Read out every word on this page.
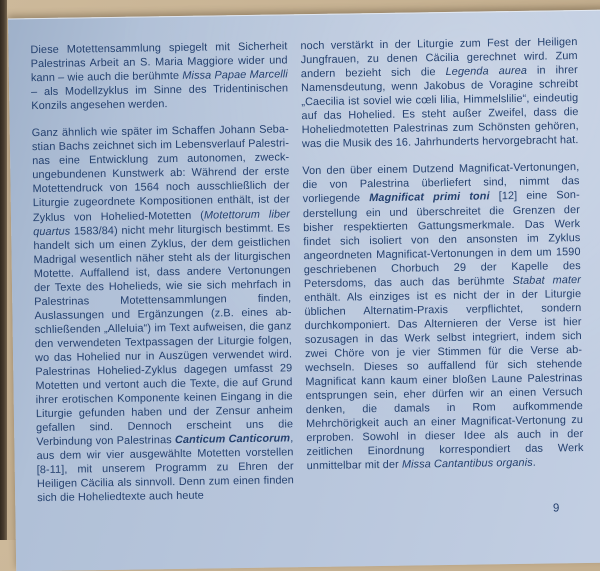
Diese Motettensammlung spiegelt mit Sicherheit Palestrinas Arbeit an S. Maria Maggiore wider und kann – wie auch die berühmte Missa Papae Marcelli – als Modellzyklus im Sinne des Tridentinischen Konzils angesehen werden.

Ganz ähnlich wie später im Schaffen Johann Sebastian Bachs zeichnet sich im Lebensverlauf Palestrinas eine Entwicklung zum autonomen, zweckungebundenen Kunstwerk ab: Während der erste Motettendruck von 1564 noch ausschließlich der Liturgie zugeordnete Kompositionen enthält, ist der Zyklus von Hohelied-Motetten (Motettorum liber quartus 1583/84) nicht mehr liturgisch bestimmt. Es handelt sich um einen Zyklus, der dem geistlichen Madrigal wesentlich näher steht als der liturgischen Motette. Auffallend ist, dass andere Vertonungen der Texte des Hohelieds, wie sie sich mehrfach in Palestrinas Motettensammlungen finden, Auslassungen und Ergänzungen (z.B. eines abschließenden „Alleluia“) im Text aufweisen, die ganz den verwendeten Textpassagen der Liturgie folgen, wo das Hohelied nur in Auszügen verwendet wird. Palestrinas Hohelied-Zyklus dagegen umfasst 29 Motetten und vertont auch die Texte, die auf Grund ihrer erotischen Komponente keinen Eingang in die Liturgie gefunden haben und der Zensur anheim gefallen sind. Dennoch erscheint uns die Verbindung von Palestrinas Canticum Canticorum, aus dem wir vier ausgewählte Motetten vorstellen [8-11], mit unserem Programm zu Ehren der Heiligen Cäcilia als sinnvoll. Denn zum einen finden sich die Hoheliedtexte auch heute

noch verstärkt in der Liturgie zum Fest der Heiligen Jungfrauen, zu denen Cäcilia gerechnet wird. Zum andern bezieht sich die Legenda aurea in ihrer Namensdeutung, wenn Jakobus de Voragine schreibt „Caecilia ist soviel wie cœli lilia, Himmelslilie“, eindeutig auf das Hohelied. Es steht außer Zweifel, dass die Hoheliedmotetten Palestrinas zum Schönsten gehören, was die Musik des 16. Jahrhunderts hervorgebracht hat.

Von den über einem Dutzend Magnificat-Vertonungen, die von Palestrina überliefert sind, nimmt das vorliegende Magnificat primi toni [12] eine Sonderstellung ein und überschreitet die Grenzen der bisher respektierten Gattungsmerkmale. Das Werk findet sich isoliert von den ansonsten im Zyklus angeordneten Magnificat-Vertonungen in dem um 1590 geschriebenen Chorbuch 29 der Kapelle des Petersdoms, das auch das berühmte Stabat mater enthält. Als einziges ist es nicht der in der Liturgie üblichen Alternatim-Praxis verpflichtet, sondern durchkomponiert. Das Alternieren der Verse ist hier sozusagen in das Werk selbst integriert, indem sich zwei Chöre von je vier Stimmen für die Verse abwechseln. Dieses so auffallend für sich stehende Magnificat kann kaum einer bloßen Laune Palestrinas entsprungen sein, eher dürfen wir an einen Versuch denken, die damals in Rom aufkommende Mehrchörigkeit auch an einer Magnificat-Vertonung zu erproben. Sowohl in dieser Idee als auch in der zeitlichen Einordnung korrespondiert das Werk unmittelbar mit der Missa Cantantibus organis.

9
